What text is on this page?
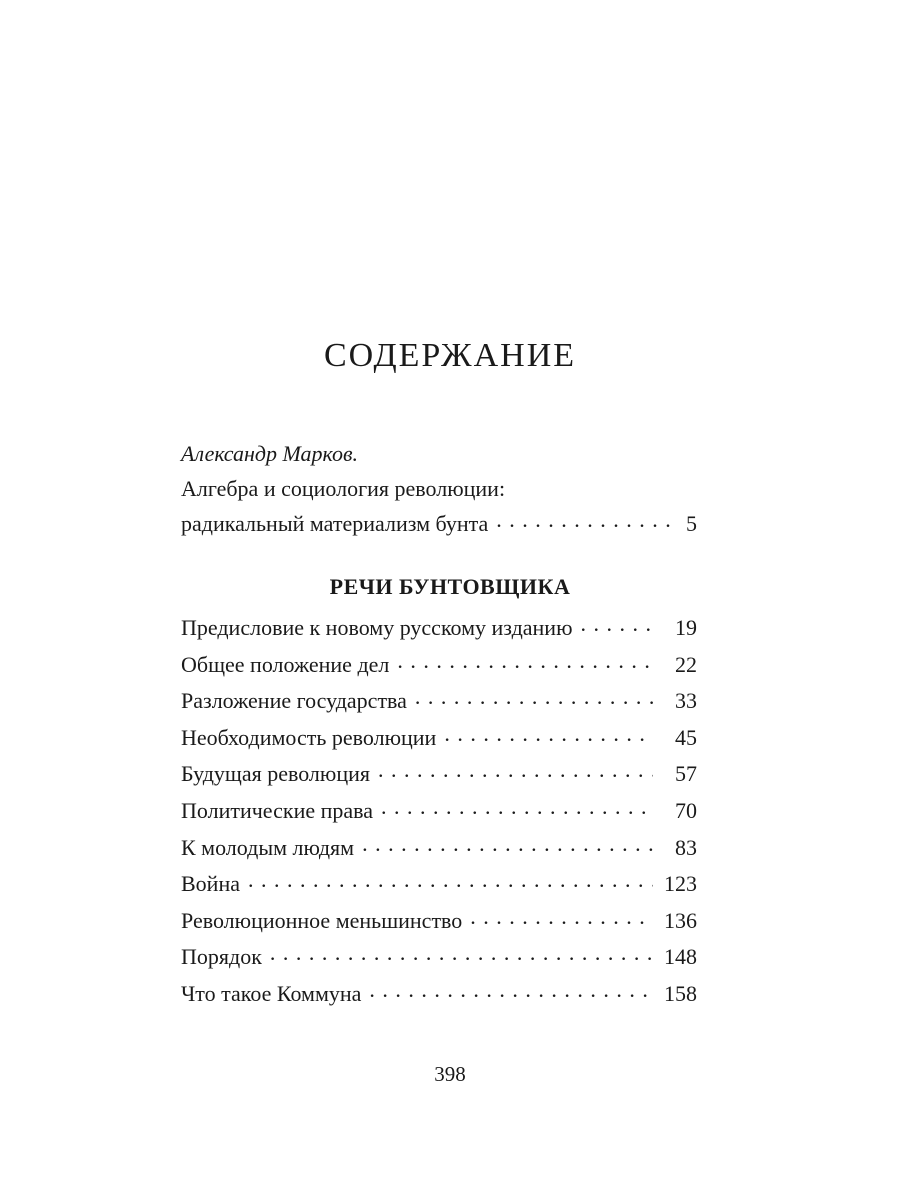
СОДЕРЖАНИЕ
Александр Марков.
Алгебра и социология революции:
радикальный материализм бунта . . .	5
РЕЧИ БУНТОВЩИКА
Предисловие к новому русскому изданию . . .	19
Общее положение дел . . .	22
Разложение государства . . .	33
Необходимость революции . . .	45
Будущая революция . . .	57
Политические права . . .	70
К молодым людям . . .	83
Война . . .	123
Революционное меньшинство . . .	136
Порядок . . .	148
Что такое Коммуна . . .	158
398
